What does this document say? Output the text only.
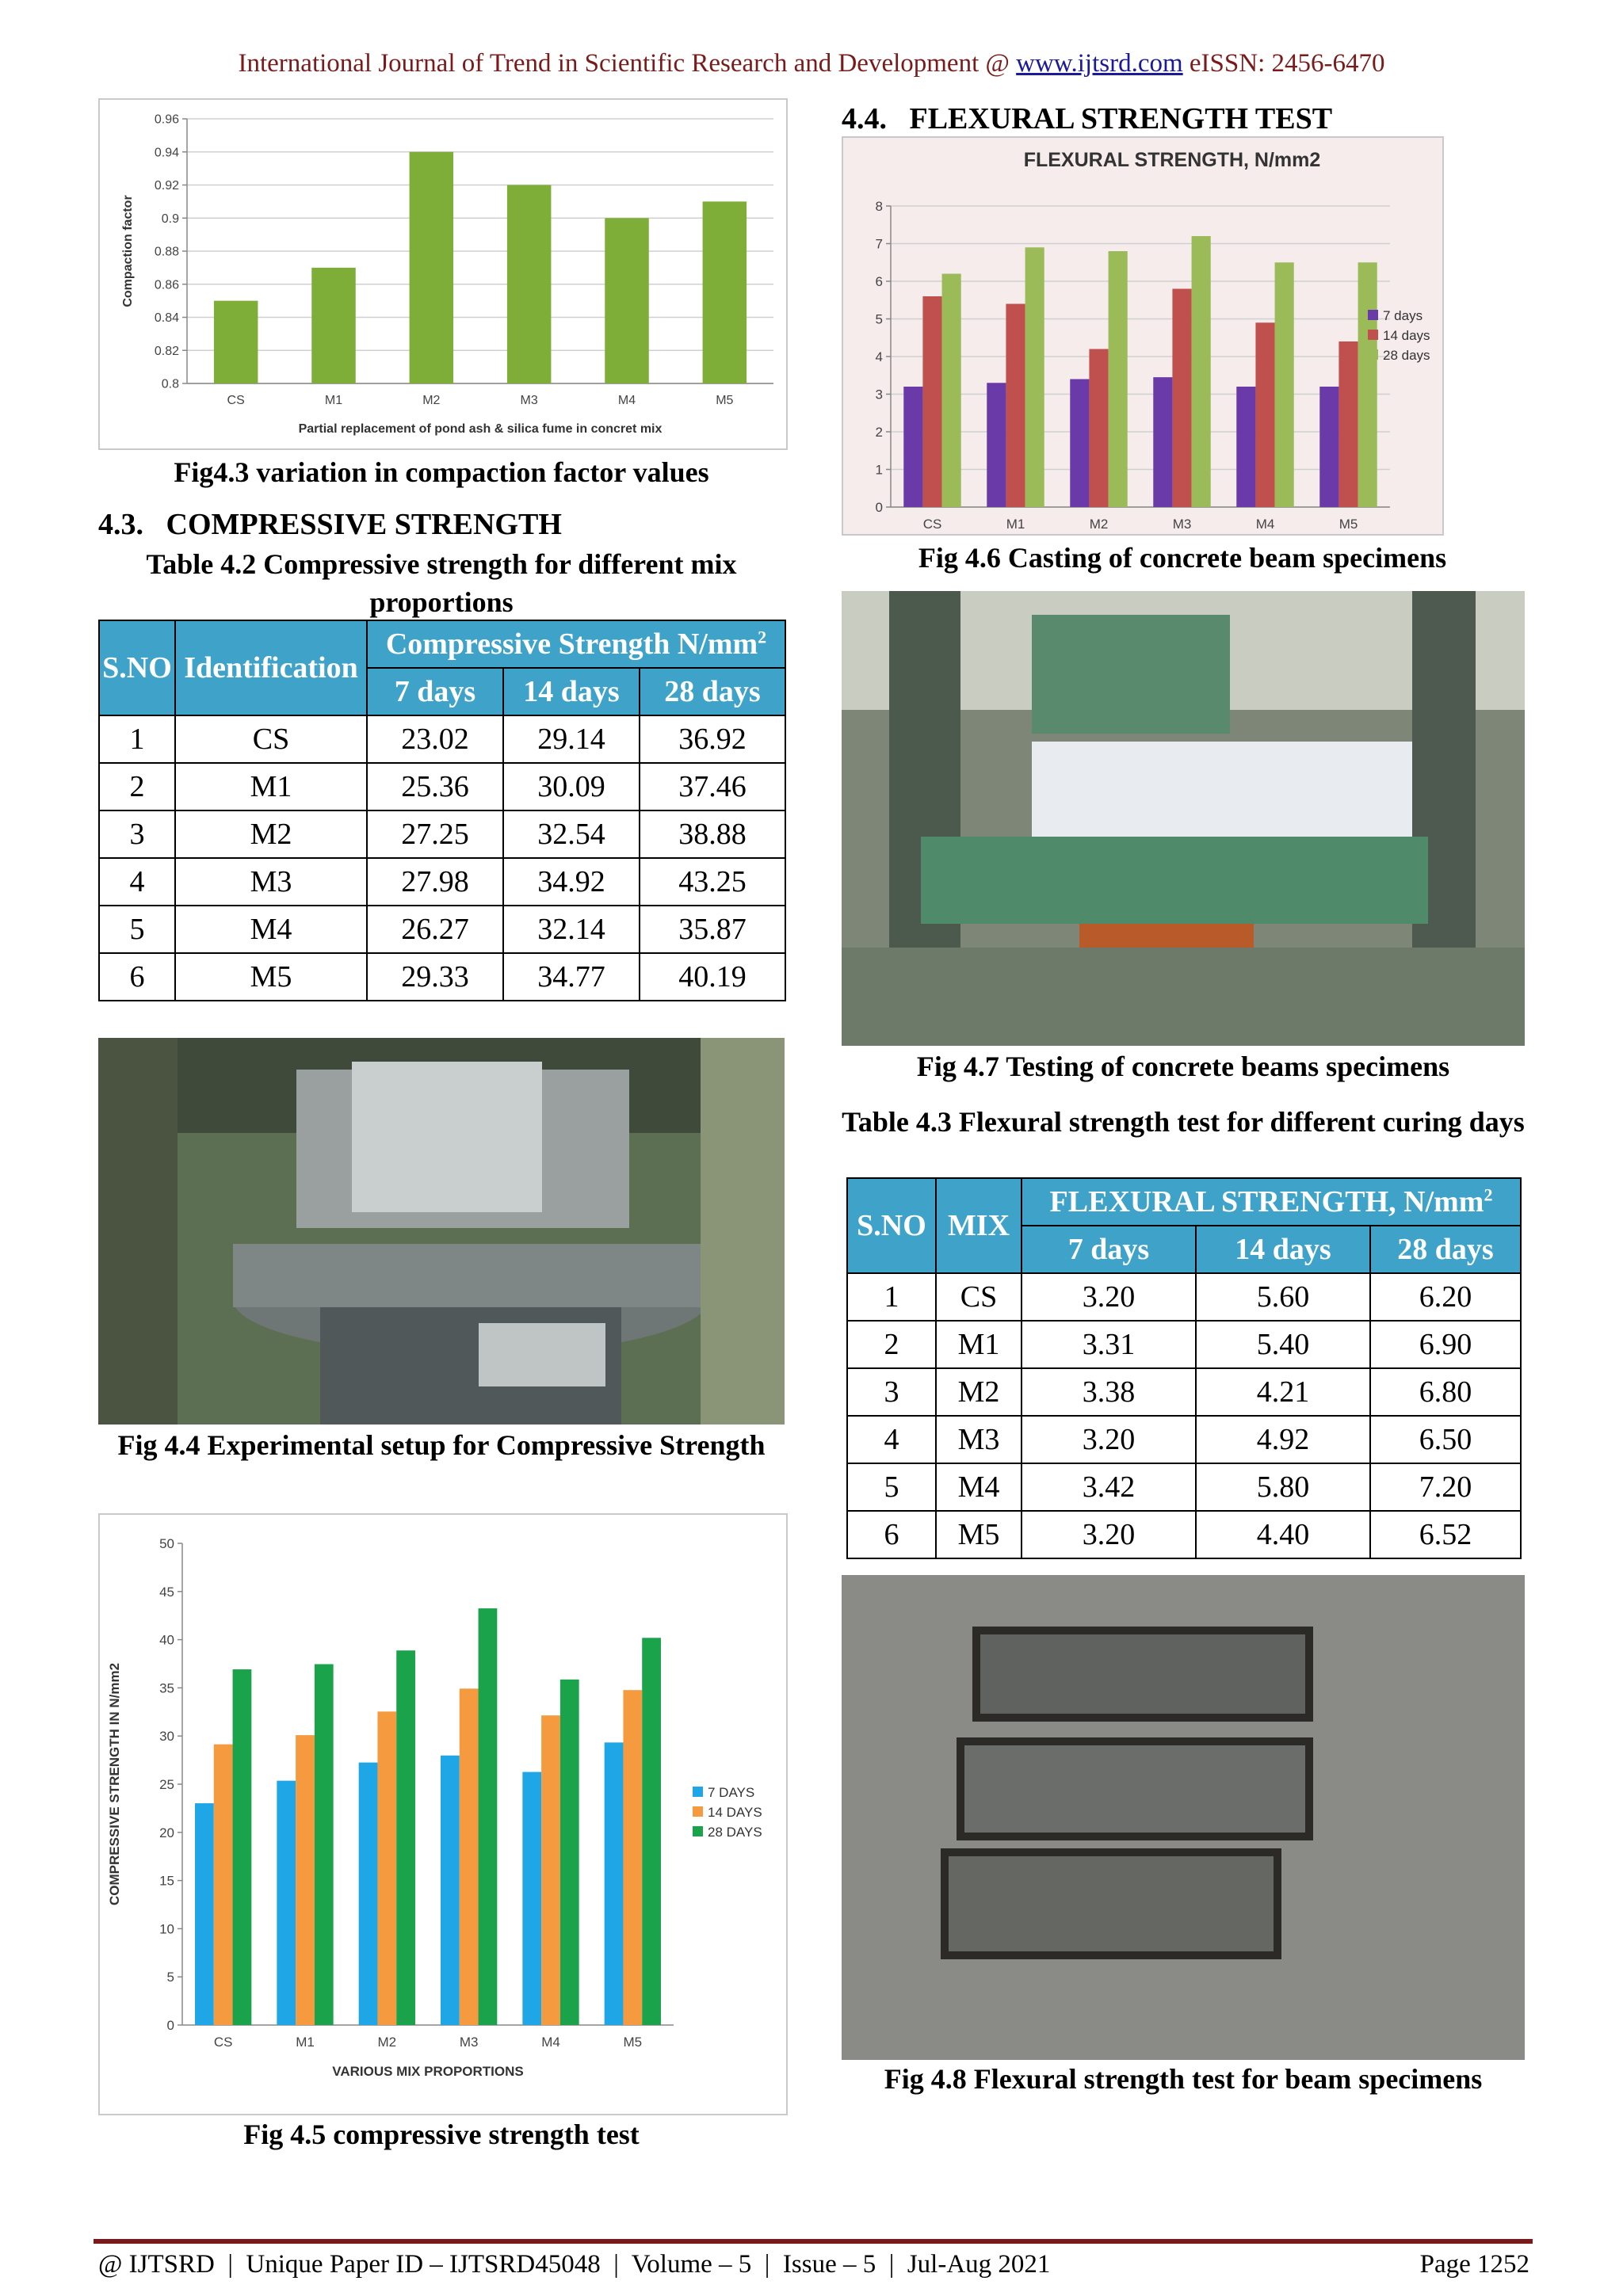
International Journal of Trend in Scientific Research and Development @ www.ijtsrd.com eISSN: 2456-6470
0.8
0.82
0.84
0.86
0.88
0.9
0.92
0.94
0.96
CS	M1	M2	M3	M4	M5
Partial replacement of pond ash & silica fume in concret mix
Compaction factor
Fig4.3 variation in compaction factor values
4.3.   COMPRESSIVE STRENGTH
Table 4.2 Compressive strength for different mix proportions
S.NO	Identification	Compressive Strength $N/mm^2$
		7 days	14 days	28 days
1	CS	23.02	29.14	36.92
2	M1	25.36	30.09	37.46
3	M2	27.25	32.54	38.88
4	M3	27.98	34.92	43.25
5	M4	26.27	32.14	35.87
6	M5	29.33	34.77	40.19
Fig 4.4 Experimental setup for Compressive Strength
0
5
10
15
20
25
30
35
40
45
50
CS	M1	M2	M3	M4	M5
VARIOUS MIX PROPORTIONS
COMPRESSIVE STRENGTH IN N/mm2	7 DAYS
14 DAYS
28 DAYS
Fig 4.5 compressive strength test
4.4.   FLEXURAL STRENGTH TEST
FLEXURAL STRENGTH, N/mm2
0
1
2
3
4
5
6
7
8
CS	M1	M2	M3	M4	M5
7 days
14 days
28 days
Fig 4.6 Casting of concrete beam specimens
Fig 4.7 Testing of concrete beams specimens
Table 4.3 Flexural strength test for different curing days
S.NO	MIX	FLEXURAL STRENGTH, $N/mm^2$
		7 days	14 days	28 days
1	CS	3.20	5.60	6.20
2	M1	3.31	5.40	6.90
3	M2	3.38	4.21	6.80
4	M3	3.20	4.92	6.50
5	M4	3.42	5.80	7.20
6	M5	3.20	4.40	6.52
Fig 4.8 Flexural strength test for beam specimens
@ IJTSRD  |  Unique Paper ID – IJTSRD45048  |  Volume – 5  |  Issue – 5  |  Jul-Aug 2021	Page 1252
